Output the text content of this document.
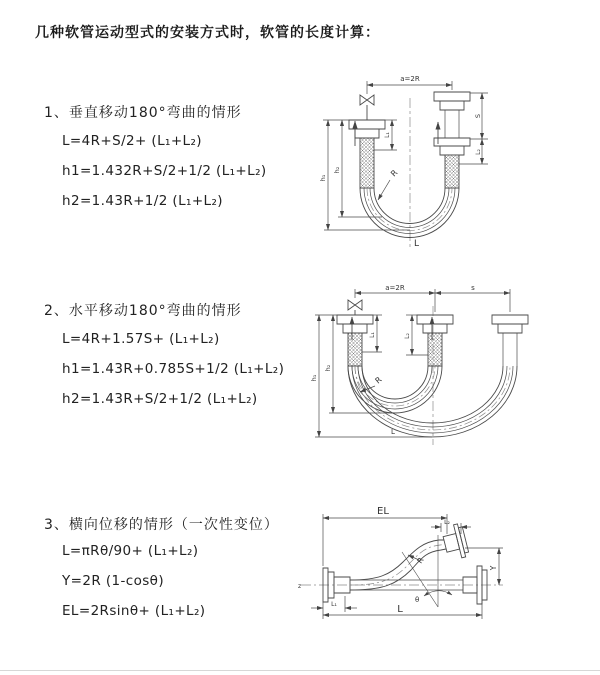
几种软管运动型式的安装方式时，软管的长度计算：
1、垂直移动180°弯曲的情形
L=4R+S/2+ (L₁+L₂)
h1=1.432R+S/2+1/2 (L₁+L₂)
h2=1.43R+1/2 (L₁+L₂)
a=2R
h₁
h₂
S
L₂
L₁
R
L
2、水平移动180°弯曲的情形
L=4R+1.57S+ (L₁+L₂)
h1=1.43R+0.785S+1/2 (L₁+L₂)
h2=1.43R+S/2+1/2 (L₁+L₂)
a=2R	s
h₁
h₂
L₁	L₂
R
L
3、横向位移的情形（一次性变位）
L=πRθ/90+ (L₁+L₂)
Y=2R (1-cosθ)
EL=2Rsinθ+ (L₁+L₂)
z
θ
R
EL
L₂
Y
L
L₁
